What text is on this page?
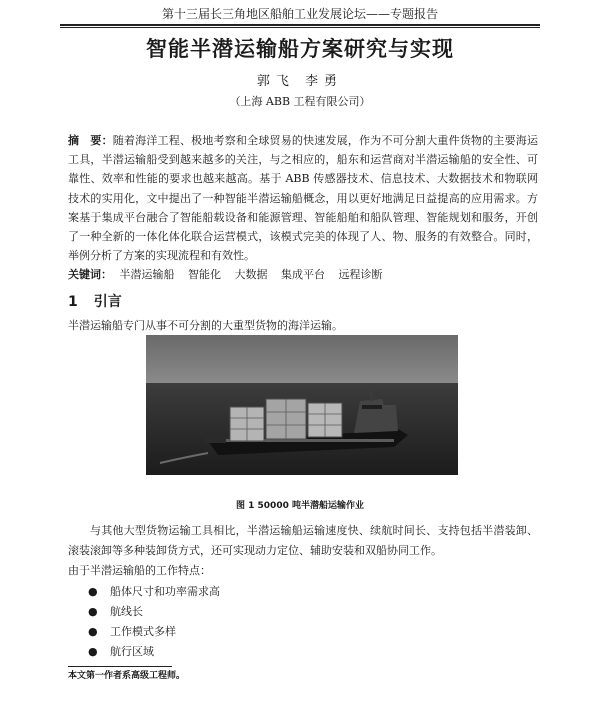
第十三届长三角地区船舶工业发展论坛——专题报告
智能半潜运输船方案研究与实现
郭飞 李勇
（上海 ABB 工程有限公司）
摘　要：随着海洋工程、极地考察和全球贸易的快速发展，作为不可分割大重件货物的主要海运工具，半潜运输船受到越来越多的关注，与之相应的，船东和运营商对半潜运输船的安全性、可靠性、效率和性能的要求也越来越高。基于 ABB 传感器技术、信息技术、大数据技术和物联网技术的实用化，文中提出了一种智能半潜运输船概念，用以更好地满足日益提高的应用需求。方案基于集成平台融合了智能船载设备和能源管理、智能船舶和船队管理、智能规划和服务，开创了一种全新的一体化体化联合运营模式，该模式完美的体现了人、物、服务的有效整合。同时，举例分析了方案的实现流程和有效性。
关键词： 半潜运输船 智能化 大数据 集成平台 远程诊断
1 引言
半潜运输船专门从事不可分割的大重型货物的海洋运输。
图 1 50000 吨半潜船运输作业
与其他大型货物运输工具相比，半潜运输船运输速度快、续航时间长、支持包括半潜装卸、滚装滚卸等多种装卸货方式，还可实现动力定位、辅助安装和双船协同工作。
由于半潜运输船的工作特点：
● 船体尺寸和功率需求高
● 航线长
● 工作模式多样
● 航行区域
本文第一作者系高级工程师。
